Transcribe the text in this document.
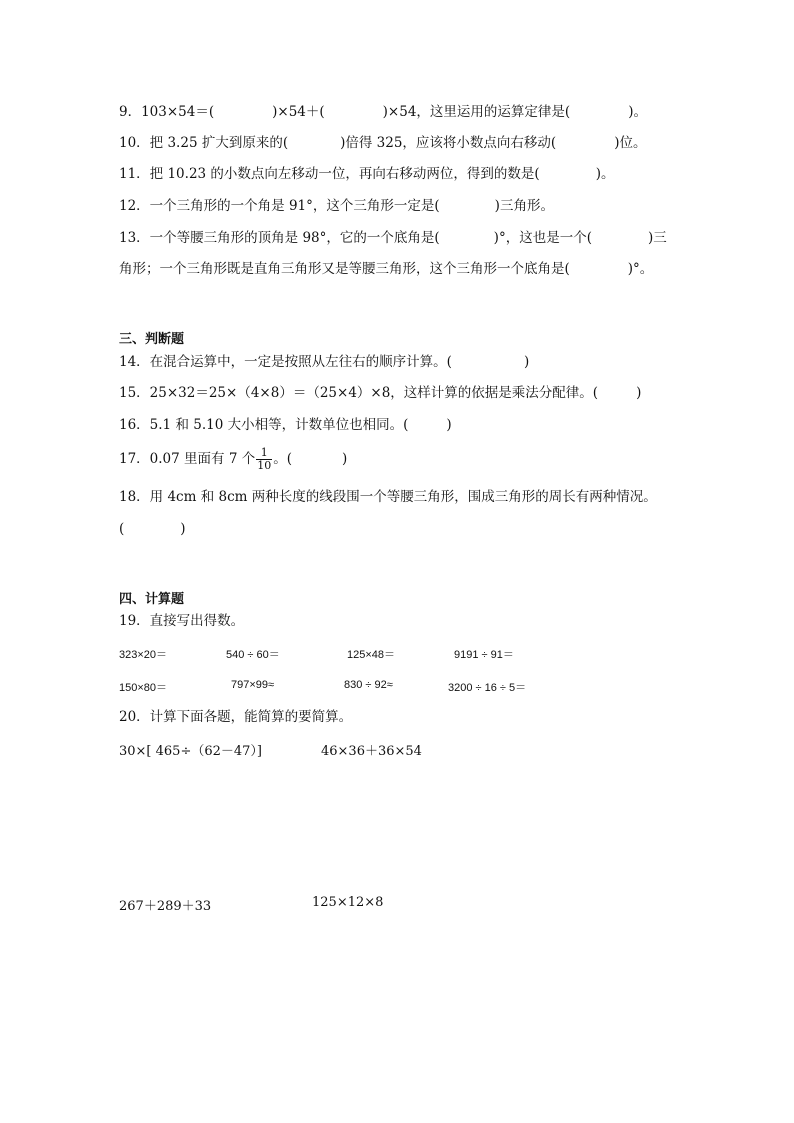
9．103×54＝(	)×54＋(	)×54，这里运用的运算定律是(	)。
10．把 3.25 扩大到原来的(	)倍得 325，应该将小数点向右移动(	)位。
11．把 10.23 的小数点向左移动一位，再向右移动两位，得到的数是(	)。
12．一个三角形的一个角是 91°，这个三角形一定是(	)三角形。
13．一个等腰三角形的顶角是 98°，它的一个底角是(	)°，这也是一个(	)三
角形；一个三角形既是直角三角形又是等腰三角形，这个三角形一个底角是(	)°。
三、判断题
14．在混合运算中，一定是按照从左往右的顺序计算。(	)
15．25×32＝25×（4×8）＝（25×4）×8，这样计算的依据是乘法分配律。(	)
16．5.1 和 5.10 大小相等，计数单位也相同。(	)
17．0.07 里面有 7 个 $\frac{1}{10}$ 。(	)
18．用 4cm 和 8cm 两种长度的线段围一个等腰三角形，围成三角形的周长有两种情况。
(	)
四、计算题
19．直接写出得数。
323×20＝	540 ÷ 60＝	125×48＝	9191 ÷ 91＝
150×80＝	797×99≈	830 ÷ 92≈	3200 ÷ 16 ÷ 5＝
20．计算下面各题，能简算的要简算。
30×[ 465÷（62－47）]	46×36＋36×54
267＋289＋33	125×12×8
